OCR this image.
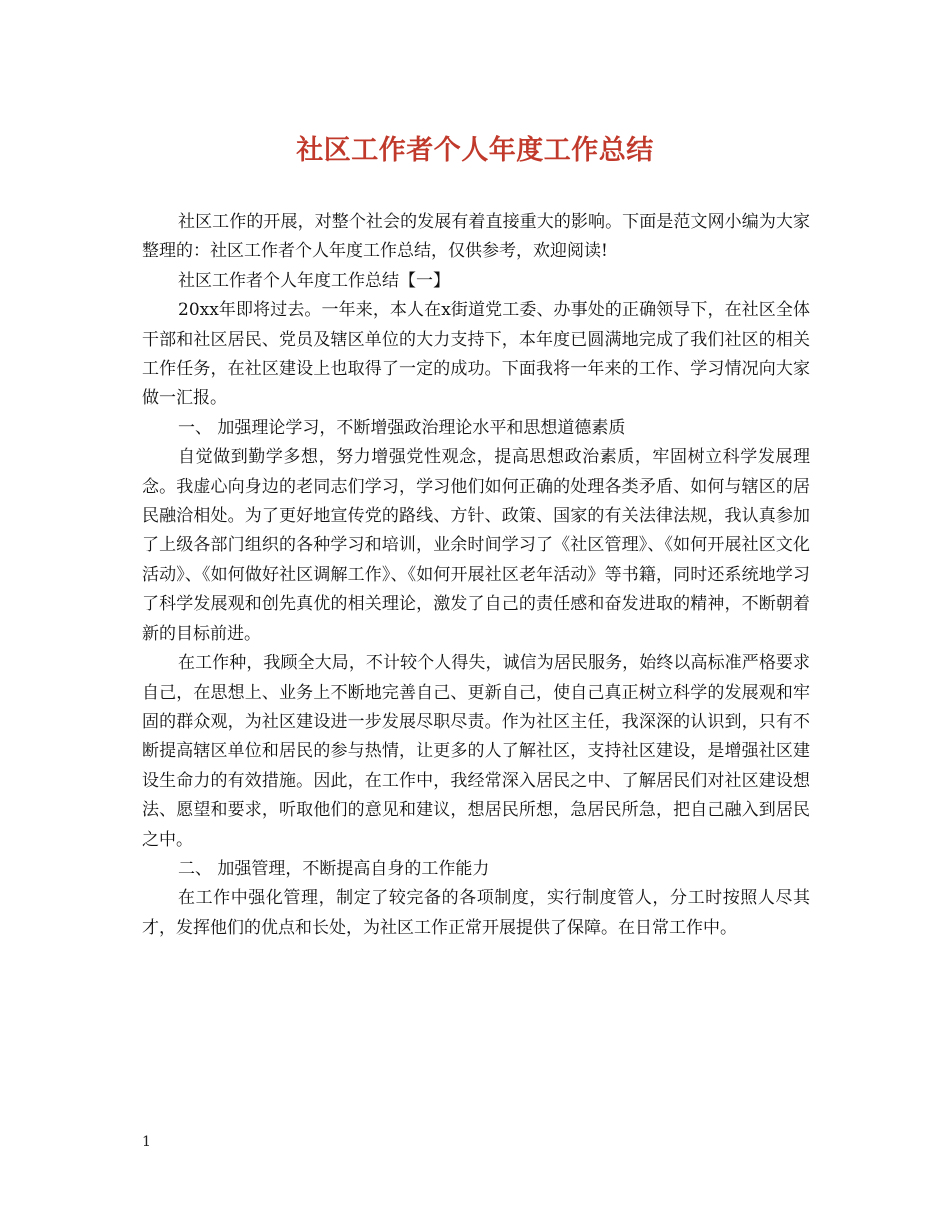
社区工作者个人年度工作总结

社区工作的开展，对整个社会的发展有着直接重大的影响。下面是范文网小编为大家整理的：社区工作者个人年度工作总结，仅供参考，欢迎阅读!

社区工作者个人年度工作总结【一】

20xx年即将过去。一年来，本人在x街道党工委、办事处的正确领导下，在社区全体干部和社区居民、党员及辖区单位的大力支持下，本年度已圆满地完成了我们社区的相关工作任务，在社区建设上也取得了一定的成功。下面我将一年来的工作、学习情况向大家做一汇报。

一、 加强理论学习，不断增强政治理论水平和思想道德素质

自觉做到勤学多想，努力增强党性观念，提高思想政治素质，牢固树立科学发展理念。我虚心向身边的老同志们学习，学习他们如何正确的处理各类矛盾、如何与辖区的居民融洽相处。为了更好地宣传党的路线、方针、政策、国家的有关法律法规，我认真参加了上级各部门组织的各种学习和培训，业余时间学习了《社区管理》、《如何开展社区文化活动》、《如何做好社区调解工作》、《如何开展社区老年活动》等书籍，同时还系统地学习了科学发展观和创先真优的相关理论，激发了自己的责任感和奋发进取的精神，不断朝着新的目标前进。

在工作种，我顾全大局，不计较个人得失，诚信为居民服务，始终以高标准严格要求自己，在思想上、业务上不断地完善自己、更新自己，使自己真正树立科学的发展观和牢固的群众观，为社区建设进一步发展尽职尽责。作为社区主任，我深深的认识到，只有不断提高辖区单位和居民的参与热情，让更多的人了解社区，支持社区建设，是增强社区建设生命力的有效措施。因此，在工作中，我经常深入居民之中、了解居民们对社区建设想法、愿望和要求，听取他们的意见和建议，想居民所想，急居民所急，把自己融入到居民之中。

二、 加强管理，不断提高自身的工作能力

在工作中强化管理，制定了较完备的各项制度，实行制度管人，分工时按照人尽其才，发挥他们的优点和长处，为社区工作正常开展提供了保障。在日常工作中。

1
